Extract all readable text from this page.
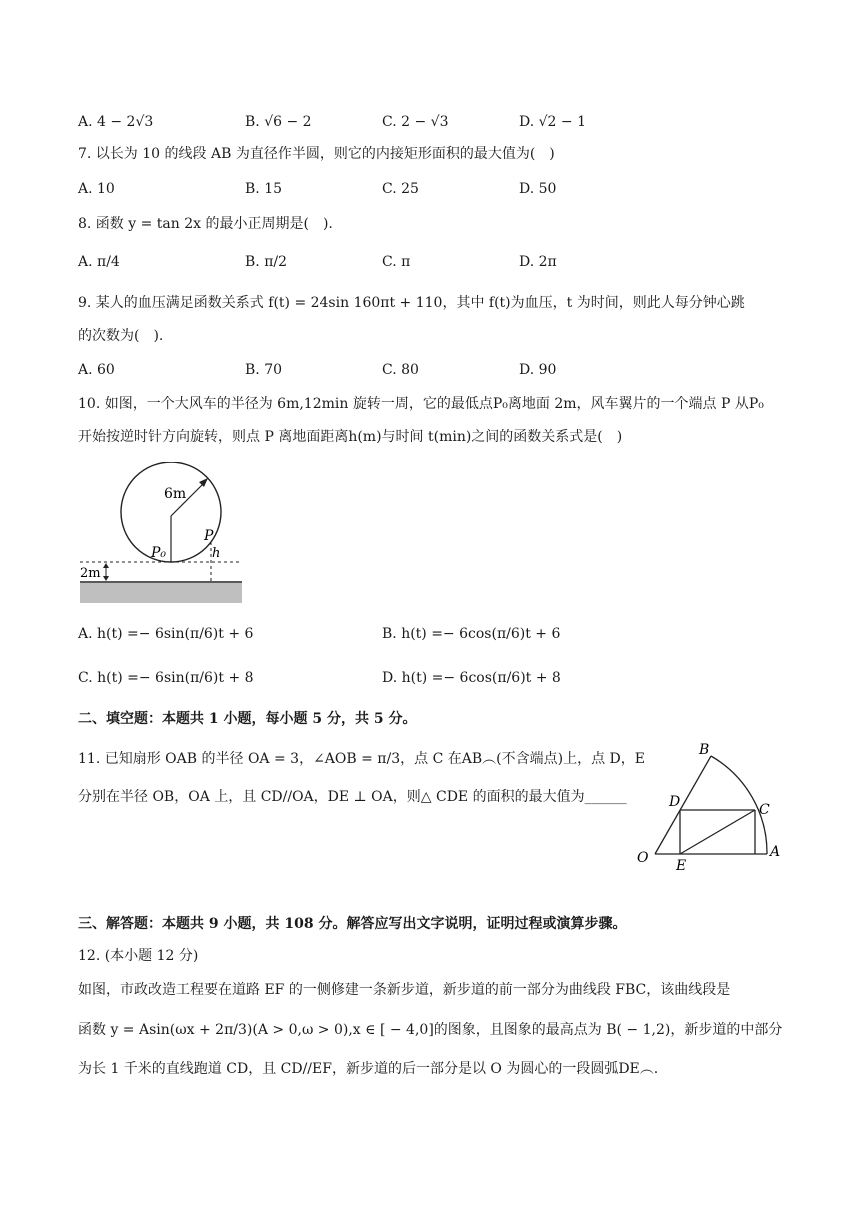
A. 4 − 2√3	B. √6 − 2	C. 2 − √3	D. √2 − 1
7. 以长为 10 的线段 AB 为直径作半圆，则它的内接矩形面积的最大值为(　)
A. 10	B. 15	C. 25	D. 50
8. 函数 y = tan 2x 的最小正周期是(　).
A. π/4	B. π/2	C. π	D. 2π
9. 某人的血压满足函数关系式 f(t) = 24sin 160πt + 110，其中 f(t)为血压，t 为时间，则此人每分钟心跳
的次数为(　).
A. 60	B. 70	C. 80	D. 90
10. 如图，一个大风车的半径为 6m,12min 旋转一周，它的最低点P₀离地面 2m，风车翼片的一个端点 P 从P₀
开始按逆时针方向旋转，则点 P 离地面距离h(m)与时间 t(min)之间的函数关系式是(　)
6m
P₀
P
h
2m
A. h(t) =− 6sin(π/6)t + 6	B. h(t) =− 6cos(π/6)t + 6
C. h(t) =− 6sin(π/6)t + 8	D. h(t) =− 6cos(π/6)t + 8
二、填空题：本题共 1 小题，每小题 5 分，共 5 分。
11. 已知扇形 OAB 的半径 OA = 3，∠AOB = π/3，点 C 在AB︵(不含端点)上，点 D，E
分别在半径 OB，OA 上，且 CD//OA，DE ⊥ OA，则△ CDE 的面积的最大值为______
B
D	C
O E
A
三、解答题：本题共 9 小题，共 108 分。解答应写出文字说明，证明过程或演算步骤。
12. (本小题 12 分)
如图，市政改造工程要在道路 EF 的一侧修建一条新步道，新步道的前一部分为曲线段 FBC，该曲线段是
函数 y = Asin(ωx + 2π/3)(A > 0,ω > 0),x ∈ [ − 4,0]的图象，且图象的最高点为 B( − 1,2)，新步道的中部分
为长 1 千米的直线跑道 CD，且 CD//EF，新步道的后一部分是以 O 为圆心的一段圆弧DE︵.
